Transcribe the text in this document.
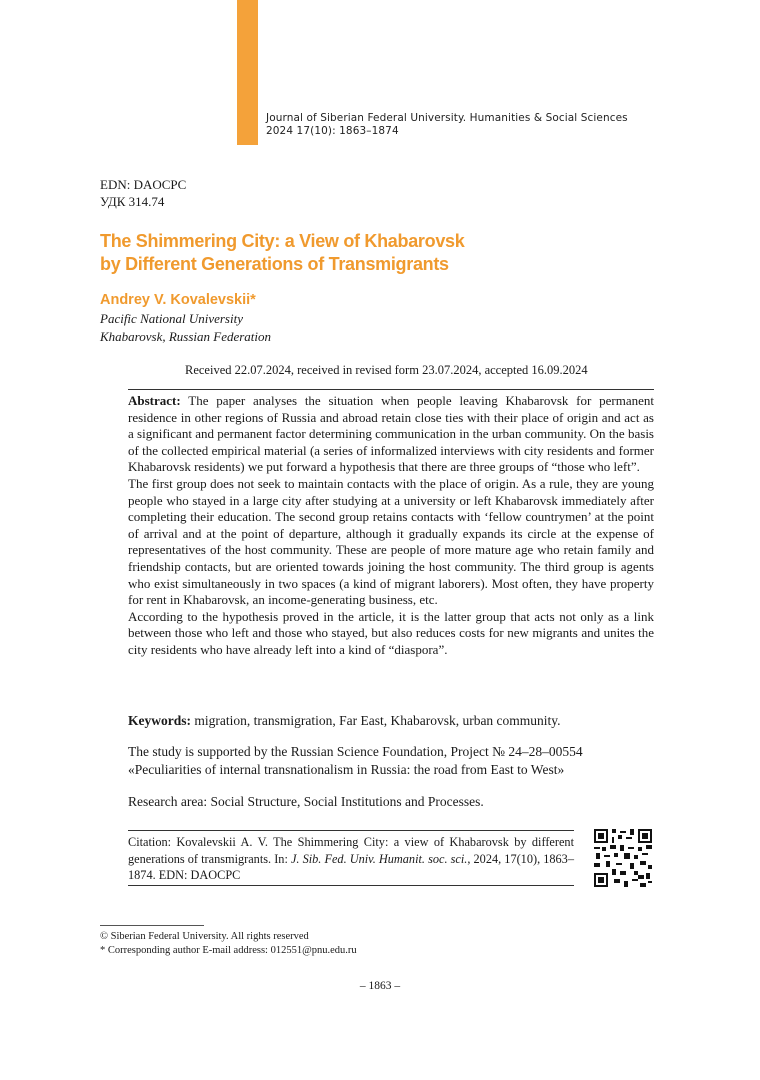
Journal of Siberian Federal University. Humanities & Social Sciences
2024 17(10): 1863–1874
EDN: DAOCPC
УДК 314.74
The Shimmering City: a View of Khabarovsk
by Different Generations of Transmigrants
Andrey V. Kovalevskii*
Pacific National University
Khabarovsk, Russian Federation
Received 22.07.2024, received in revised form 23.07.2024, accepted 16.09.2024

Abstract: The paper analyses the situation when people leaving Khabarovsk for permanent residence in other regions of Russia and abroad retain close ties with their place of origin and act as a significant and permanent factor determining communication in the urban community. On the basis of the collected empirical material (a series of informalized interviews with city residents and former Khabarovsk residents) we put forward a hypothesis that there are three groups of “those who left”.

The first group does not seek to maintain contacts with the place of origin. As a rule, they are young people who stayed in a large city after studying at a university or left Khabarovsk immediately after completing their education. The second group retains contacts with ‘fellow countrymen’ at the point of arrival and at the point of departure, although it gradually expands its circle at the expense of representatives of the host community. These are people of more mature age who retain family and friendship contacts, but are oriented towards joining the host community. The third group is agents who exist simultaneously in two spaces (a kind of migrant laborers). Most often, they have property for rent in Khabarovsk, an income-generating business, etc.

According to the hypothesis proved in the article, it is the latter group that acts not only as a link between those who left and those who stayed, but also reduces costs for new migrants and unites the city residents who have already left into a kind of “diaspora”.

Keywords: migration, transmigration, Far East, Khabarovsk, urban community.
The study is supported by the Russian Science Foundation, Project № 24–28–00554
«Peculiarities of internal transnationalism in Russia: the road from East to West»
Research area: Social Structure, Social Institutions and Processes.
Citation: Kovalevskii A. V. The Shimmering City: a view of Khabarovsk by different generations of transmigrants. In: J. Sib. Fed. Univ. Humanit. soc. sci., 2024, 17(10), 1863–1874. EDN: DAOCPC
© Siberian Federal University. All rights reserved
* Corresponding author E-mail address: 012551@pnu.edu.ru
– 1863 –
